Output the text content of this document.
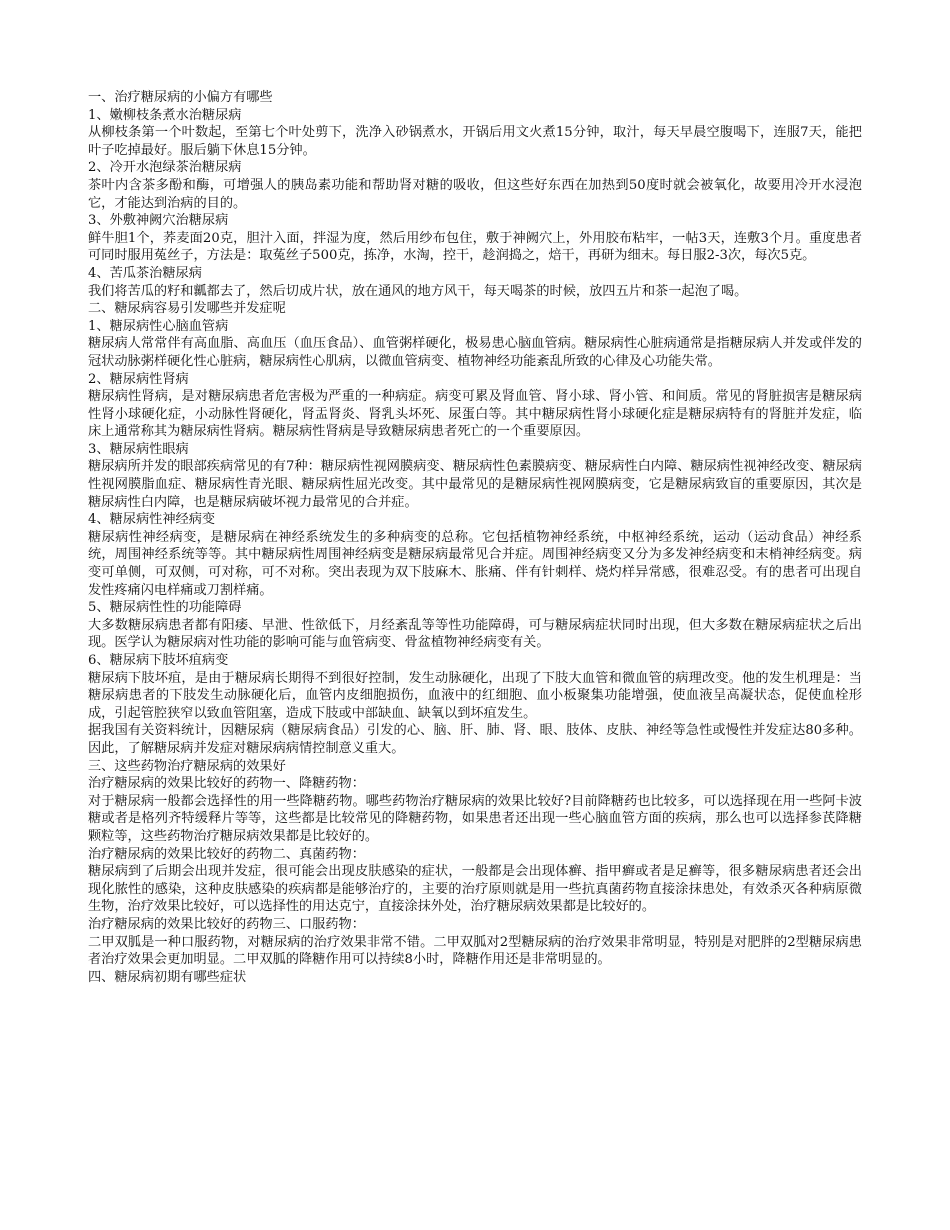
一、治疗糖尿病的小偏方有哪些

1、嫩柳枝条煮水治糖尿病

从柳枝条第一个叶数起，至第七个叶处剪下，洗净入砂锅煮水，开锅后用文火煮15分钟，取汁，每天早晨空腹喝下，连服7天，能把叶子吃掉最好。服后躺下休息15分钟。

2、冷开水泡绿茶治糖尿病

茶叶内含茶多酚和酶，可增强人的胰岛素功能和帮助肾对糖的吸收，但这些好东西在加热到50度时就会被氧化，故要用冷开水浸泡它，才能达到治病的目的。

3、外敷神阙穴治糖尿病

鲜牛胆1个，荞麦面20克，胆汁入面，拌湿为度，然后用纱布包住，敷于神阙穴上，外用胶布粘牢，一帖3天，连敷3个月。重度患者可同时服用菟丝子，方法是：取菟丝子500克，拣净，水淘，控干，趁润捣之，焙干，再研为细末。每日服2-3次，每次5克。

4、苦瓜茶治糖尿病

我们将苦瓜的籽和瓤都去了，然后切成片状，放在通风的地方风干，每天喝茶的时候，放四五片和茶一起泡了喝。

二、糖尿病容易引发哪些并发症呢

1、糖尿病性心脑血管病

糖尿病人常常伴有高血脂、高血压（血压食品）、血管粥样硬化，极易患心脑血管病。糖尿病性心脏病通常是指糖尿病人并发或伴发的冠状动脉粥样硬化性心脏病，糖尿病性心肌病，以微血管病变、植物神经功能紊乱所致的心律及心功能失常。

2、糖尿病性肾病

糖尿病性肾病，是对糖尿病患者危害极为严重的一种病症。病变可累及肾血管、肾小球、肾小管、和间质。常见的肾脏损害是糖尿病性肾小球硬化症，小动脉性肾硬化，肾盂肾炎、肾乳头坏死、尿蛋白等。其中糖尿病性肾小球硬化症是糖尿病特有的肾脏并发症，临床上通常称其为糖尿病性肾病。糖尿病性肾病是导致糖尿病患者死亡的一个重要原因。

3、糖尿病性眼病

糖尿病所并发的眼部疾病常见的有7种：糖尿病性视网膜病变、糖尿病性色素膜病变、糖尿病性白内障、糖尿病性视神经改变、糖尿病性视网膜脂血症、糖尿病性青光眼、糖尿病性屈光改变。其中最常见的是糖尿病性视网膜病变，它是糖尿病致盲的重要原因，其次是糖尿病性白内障，也是糖尿病破坏视力最常见的合并症。

4、糖尿病性神经病变

糖尿病性神经病变，是糖尿病在神经系统发生的多种病变的总称。它包括植物神经系统，中枢神经系统，运动（运动食品）神经系统，周围神经系统等等。其中糖尿病性周围神经病变是糖尿病最常见合并症。周围神经病变又分为多发神经病变和末梢神经病变。病变可单侧，可双侧，可对称，可不对称。突出表现为双下肢麻木、胀痛、伴有针刺样、烧灼样异常感，很难忍受。有的患者可出现自发性疼痛闪电样痛或刀割样痛。

5、糖尿病性性的功能障碍

大多数糖尿病患者都有阳痿、早泄、性欲低下，月经紊乱等等性功能障碍，可与糖尿病症状同时出现，但大多数在糖尿病症状之后出现。医学认为糖尿病对性功能的影响可能与血管病变、骨盆植物神经病变有关。

6、糖尿病下肢坏疽病变

糖尿病下肢坏疽，是由于糖尿病长期得不到很好控制，发生动脉硬化，出现了下肢大血管和微血管的病理改变。他的发生机理是：当糖尿病患者的下肢发生动脉硬化后，血管内皮细胞损伤，血液中的红细胞、血小板聚集功能增强，使血液呈高凝状态，促使血栓形成，引起管腔狭窄以致血管阻塞，造成下肢或中部缺血、缺氧以到坏疽发生。

据我国有关资料统计，因糖尿病（糖尿病食品）引发的心、脑、肝、肺、肾、眼、肢体、皮肤、神经等急性或慢性并发症达80多种。因此，了解糖尿病并发症对糖尿病病情控制意义重大。

三、这些药物治疗糖尿病的效果好

治疗糖尿病的效果比较好的药物一、降糖药物：

对于糖尿病一般都会选择性的用一些降糖药物。哪些药物治疗糖尿病的效果比较好?目前降糖药也比较多，可以选择现在用一些阿卡波糖或者是格列齐特缓释片等等，这些都是比较常见的降糖药物，如果患者还出现一些心脑血管方面的疾病，那么也可以选择参芪降糖颗粒等，这些药物治疗糖尿病效果都是比较好的。

治疗糖尿病的效果比较好的药物二、真菌药物：

糖尿病到了后期会出现并发症，很可能会出现皮肤感染的症状，一般都是会出现体癣、指甲癣或者是足癣等，很多糖尿病患者还会出现化脓性的感染，这种皮肤感染的疾病都是能够治疗的，主要的治疗原则就是用一些抗真菌药物直接涂抹患处，有效杀灭各种病原微生物，治疗效果比较好，可以选择性的用达克宁，直接涂抹外处，治疗糖尿病效果都是比较好的。

治疗糖尿病的效果比较好的药物三、口服药物：

二甲双胍是一种口服药物，对糖尿病的治疗效果非常不错。二甲双胍对2型糖尿病的治疗效果非常明显，特别是对肥胖的2型糖尿病患者治疗效果会更加明显。二甲双胍的降糖作用可以持续8小时，降糖作用还是非常明显的。

四、糖尿病初期有哪些症状
